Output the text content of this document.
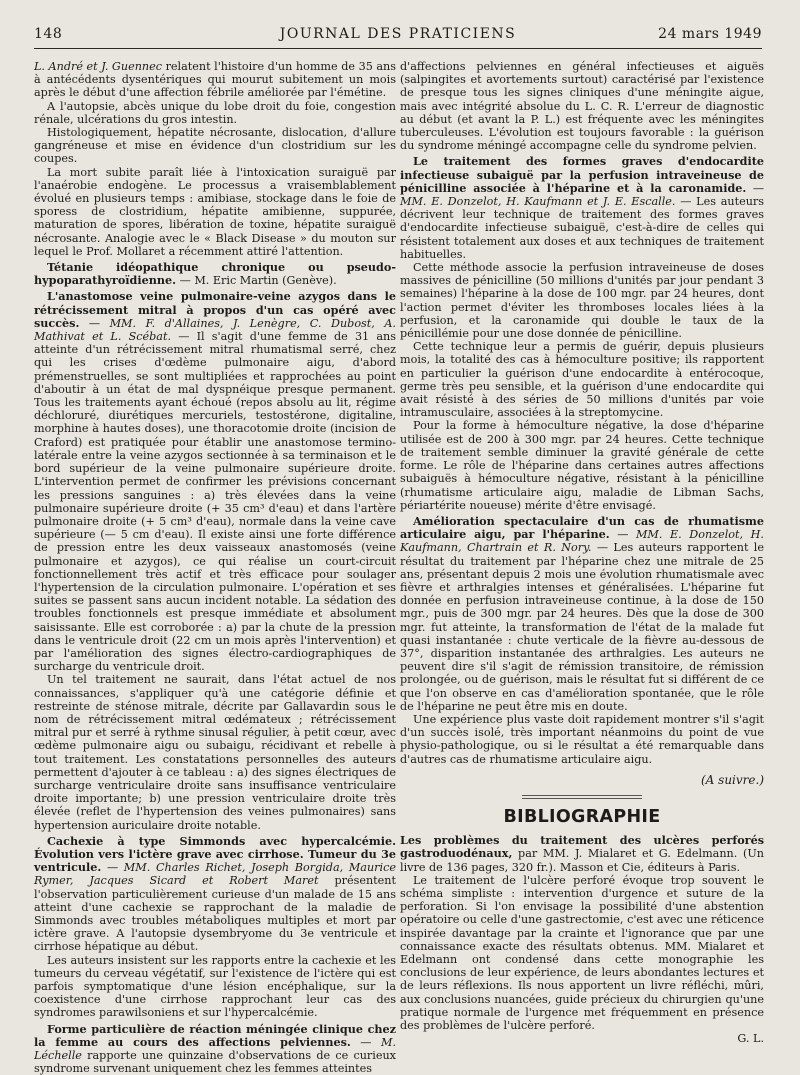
148	JOURNAL DES PRATICIENS	24 mars 1949

L. André et J. Guennec relatent l'histoire d'un homme de 35 ans à antécédents dysentériques qui mourut subitement un mois après le début d'une affection fébrile améliorée par l'émétine.

A l'autopsie, abcès unique du lobe droit du foie, congestion rénale, ulcérations du gros intestin.

Histologiquement, hépatite nécrosante, dislocation, d'allure gangréneuse et mise en évidence d'un clostridium sur les coupes.

La mort subite paraît liée à l'intoxication suraiguë par l'anaérobie endogène. Le processus a vraisemblablement évolué en plusieurs temps : amibiase, stockage dans le foie de sporess de clostridium, hépatite amibienne, suppurée, maturation de spores, libération de toxine, hépatite suraiguë nécrosante. Analogie avec le « Black Disease » du mouton sur lequel le Prof. Mollaret a récemment attiré l'attention.

Tétanie idéopathique chronique ou pseudo-hypoparathyroïdienne. — M. Eric Martin (Genève).

L'anastomose veine pulmonaire-veine azygos dans le rétrécissement mitral à propos d'un cas opéré avec succès. — MM. F. d'Allaines, J. Lenègre, C. Dubost, A. Mathivat et L. Scébat. — Il s'agit d'une femme de 31 ans atteinte d'un rétrécissement mitral rhumatismal serré, chez qui les crises d'œdème pulmonaire aigu, d'abord prémenstruelles, se sont multipliées et rapprochées au point d'aboutir à un état de mal dyspnéique presque permanent. Tous les traitements ayant échoué (repos absolu au lit, régime déchloruré, diurétiques mercuriels, testostérone, digitaline, morphine à hautes doses), une thoracotomie droite (incision de Craford) est pratiquée pour établir une anastomose termino-latérale entre la veine azygos sectionnée à sa terminaison et le bord supérieur de la veine pulmonaire supérieure droite. L'intervention permet de confirmer les prévisions concernant les pressions sanguines : a) très élevées dans la veine pulmonaire supérieure droite (+ 35 cm³ d'eau) et dans l'artère pulmonaire droite (+ 5 cm³ d'eau), normale dans la veine cave supérieure (— 5 cm d'eau). Il existe ainsi une forte différence de pression entre les deux vaisseaux anastomosés (veine pulmonaire et azygos), ce qui réalise un court-circuit fonctionnellement très actif et très efficace pour soulager l'hypertension de la circulation pulmonaire. L'opération et ses suites se passent sans aucun incident notable. La sédation des troubles fonctionnels est presque immédiate et absolument saisissante. Elle est corroborée : a) par la chute de la pression dans le ventricule droit (22 cm un mois après l'intervention) et par l'amélioration des signes électro-cardiographiques de surcharge du ventricule droit.

Un tel traitement ne saurait, dans l'état actuel de nos connaissances, s'appliquer qu'à une catégorie définie et restreinte de sténose mitrale, décrite par Gallavardin sous le nom de rétrécissement mitral œdémateux ; rétrécissement mitral pur et serré à rythme sinusal régulier, à petit cœur, avec œdème pulmonaire aigu ou subaigu, récidivant et rebelle à tout traitement. Les constatations personnelles des auteurs permettent d'ajouter à ce tableau : a) des signes électriques de surcharge ventriculaire droite sans insuffisance ventriculaire droite importante; b) une pression ventriculaire droite très élevée (reflet de l'hypertension des veines pulmonaires) sans hypertension auriculaire droite notable.

Cachexie à type Simmonds avec hypercalcémie. Évolution vers l'ictère grave avec cirrhose. Tumeur du 3e ventricule. — MM. Charles Richet, Joseph Borgida, Maurice Rymer, Jacques Sicard et Robert Maret présentent l'observation particulièrement curieuse d'un malade de 15 ans atteint d'une cachexie se rapprochant de la maladie de Simmonds avec troubles métaboliques multiples et mort par ictère grave. A l'autopsie dysembryome du 3e ventricule et cirrhose hépatique au début.

Les auteurs insistent sur les rapports entre la cachexie et les tumeurs du cerveau végétatif, sur l'existence de l'ictère qui est parfois symptomatique d'une lésion encéphalique, sur la coexistence d'une cirrhose rapprochant leur cas des syndromes parawilsoniens et sur l'hypercalcémie.

Forme particulière de réaction méningée clinique chez la femme au cours des affections pelviennes. — M. Léchelle rapporte une quinzaine d'observations de ce curieux syndrome survenant uniquement chez les femmes atteintes

d'affections pelviennes en général infectieuses et aiguës (salpingites et avortements surtout) caractérisé par l'existence de presque tous les signes cliniques d'une méningite aigue, mais avec intégrité absolue du L. C. R. L'erreur de diagnostic au début (et avant la P. L.) est fréquente avec les méningites tuberculeuses. L'évolution est toujours favorable : la guérison du syndrome méningé accompagne celle du syndrome pelvien.

Le traitement des formes graves d'endocardite infectieuse subaiguë par la perfusion intraveineuse de pénicilline associée à l'héparine et à la caronamide. — MM. E. Donzelot, H. Kaufmann et J. E. Escalle. — Les auteurs décrivent leur technique de traitement des formes graves d'endocardite infectieuse subaiguë, c'est-à-dire de celles qui résistent totalement aux doses et aux techniques de traitement habituelles.

Cette méthode associe la perfusion intraveineuse de doses massives de pénicilline (50 millions d'unités par jour pendant 3 semaines) l'héparine à la dose de 100 mgr. par 24 heures, dont l'action permet d'éviter les thromboses locales liées à la perfusion, et la caronamide qui double le taux de la pénicillémie pour une dose donnée de pénicilline.

Cette technique leur a permis de guérir, depuis plusieurs mois, la totalité des cas à hémoculture positive; ils rapportent en particulier la guérison d'une endocardite à entérocoque, germe très peu sensible, et la guérison d'une endocardite qui avait résisté à des séries de 50 millions d'unités par voie intramusculaire, associées à la streptomycine.

Pour la forme à hémoculture négative, la dose d'héparine utilisée est de 200 à 300 mgr. par 24 heures. Cette technique de traitement semble diminuer la gravité générale de cette forme. Le rôle de l'héparine dans certaines autres affections subaiguës à hémoculture négative, résistant à la pénicilline (rhumatisme articulaire aigu, maladie de Libman Sachs, périartérite noueuse) mérite d'être envisagé.

Amélioration spectaculaire d'un cas de rhumatisme articulaire aigu, par l'héparine. — MM. E. Donzelot, H. Kaufmann, Chartrain et R. Nory. — Les auteurs rapportent le résultat du traitement par l'héparine chez une mitrale de 25 ans, présentant depuis 2 mois une évolution rhumatismale avec fièvre et arthralgies intenses et généralisées. L'héparine fut donnée en perfusion intraveineuse continue, à la dose de 150 mgr., puis de 300 mgr. par 24 heures. Dès que la dose de 300 mgr. fut atteinte, la transformation de l'état de la malade fut quasi instantanée : chute verticale de la fièvre au-dessous de 37°, disparition instantanée des arthralgies. Les auteurs ne peuvent dire s'il s'agit de rémission transitoire, de rémission prolongée, ou de guérison, mais le résultat fut si différent de ce que l'on observe en cas d'amélioration spontanée, que le rôle de l'héparine ne peut être mis en doute.

Une expérience plus vaste doit rapidement montrer s'il s'agit d'un succès isolé, très important néanmoins du point de vue physio-pathologique, ou si le résultat a été remarquable dans d'autres cas de rhumatisme articulaire aigu.

(A suivre.)

BIBLIOGRAPHIE

Les problèmes du traitement des ulcères perforés gastroduodénaux, par MM. J. Mialaret et G. Edelmann. (Un livre de 136 pages, 320 fr.). Masson et Cie, éditeurs à Paris.

Le traitement de l'ulcère perforé évoque trop souvent le schéma simpliste : intervention d'urgence et suture de la perforation. Si l'on envisage la possibilité d'une abstention opératoire ou celle d'une gastrectomie, c'est avec une réticence inspirée davantage par la crainte et l'ignorance que par une connaissance exacte des résultats obtenus. MM. Mialaret et Edelmann ont condensé dans cette monographie les conclusions de leur expérience, de leurs abondantes lectures et de leurs réflexions. Ils nous apportent un livre réfléchi, mûri, aux conclusions nuancées, guide précieux du chirurgien qu'une pratique normale de l'urgence met fréquemment en présence des problèmes de l'ulcère perforé.

G. L.
